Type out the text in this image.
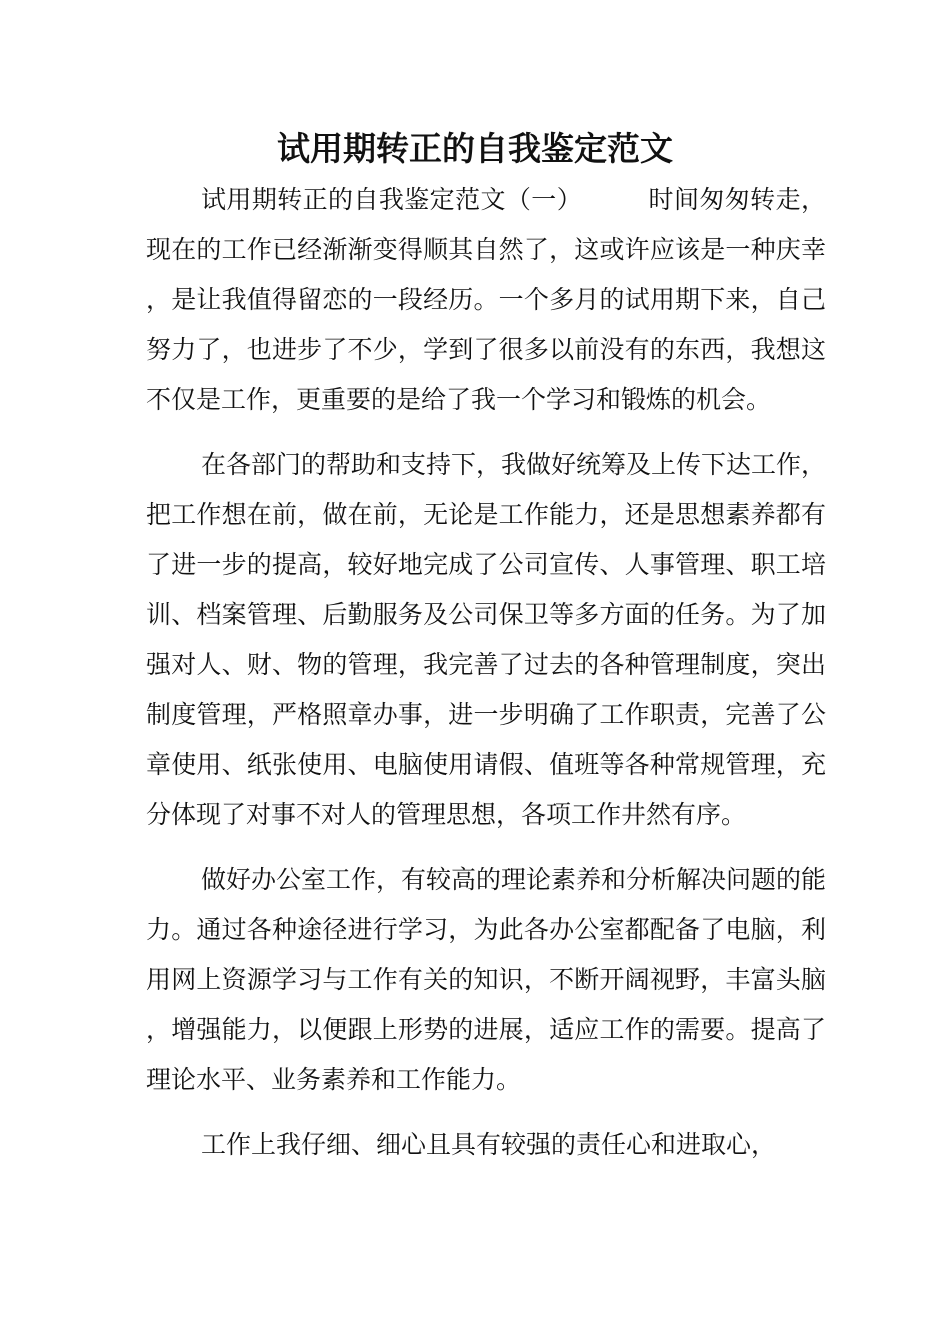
试用期转正的自我鉴定范文

试用期转正的自我鉴定范文（一）	时间匆匆转走，现在的工作已经渐渐变得顺其自然了，这或许应该是一种庆幸，是让我值得留恋的一段经历。一个多月的试用期下来，自己努力了，也进步了不少，学到了很多以前没有的东西，我想这不仅是工作，更重要的是给了我一个学习和锻炼的机会。

在各部门的帮助和支持下，我做好统筹及上传下达工作，把工作想在前，做在前，无论是工作能力，还是思想素养都有了进一步的提高，较好地完成了公司宣传、人事管理、职工培训、档案管理、后勤服务及公司保卫等多方面的任务。为了加强对人、财、物的管理，我完善了过去的各种管理制度，突出制度管理，严格照章办事，进一步明确了工作职责，完善了公章使用、纸张使用、电脑使用请假、值班等各种常规管理，充分体现了对事不对人的管理思想，各项工作井然有序。

做好办公室工作，有较高的理论素养和分析解决问题的能力。通过各种途径进行学习，为此各办公室都配备了电脑，利用网上资源学习与工作有关的知识，不断开阔视野，丰富头脑，增强能力，以便跟上形势的进展，适应工作的需要。提高了理论水平、业务素养和工作能力。

工作上我仔细、细心且具有较强的责任心和进取心，
